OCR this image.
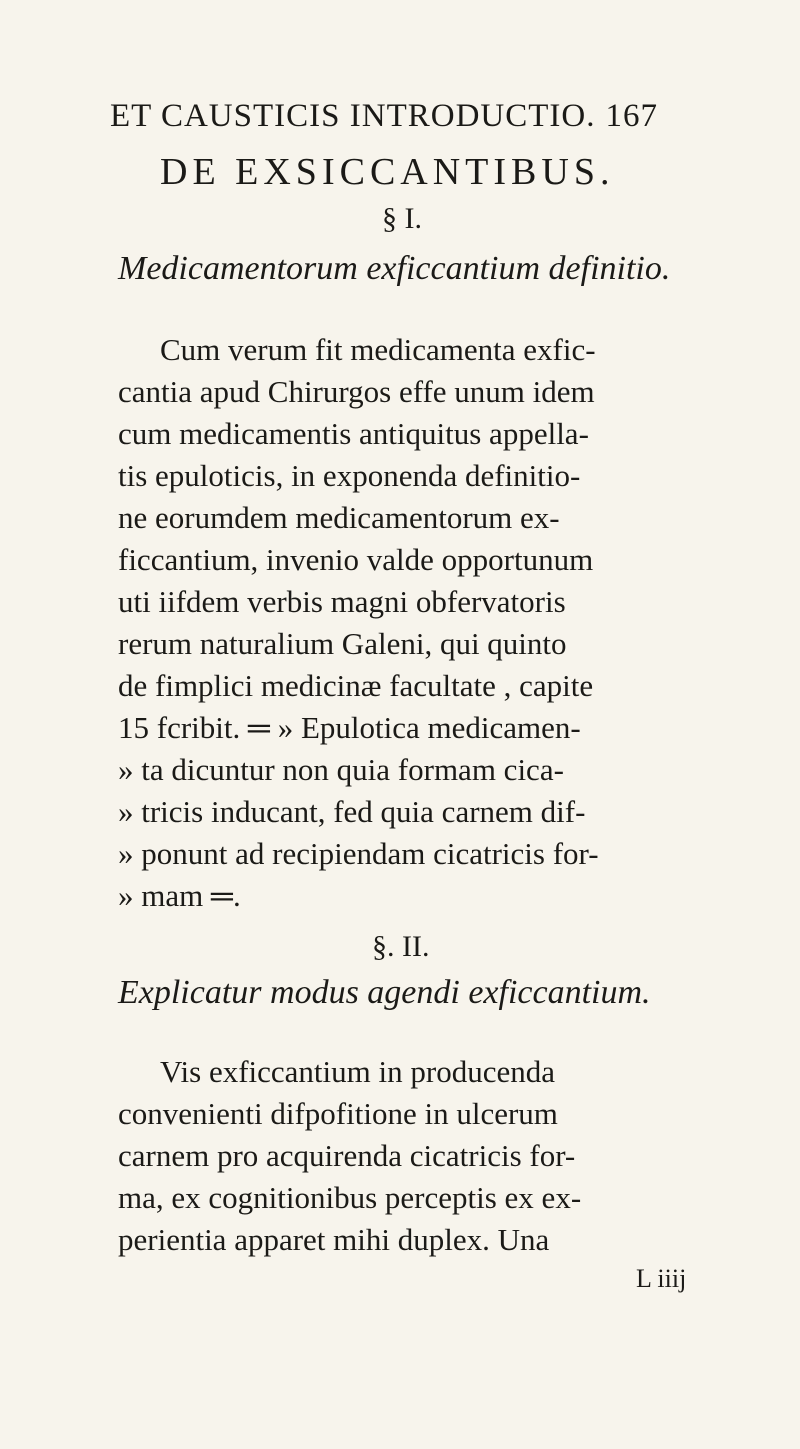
ET CAUSTICIS INTRODUCTIO. 167
DE EXSICCANTIBUS.
§ I.
Medicamentorum exficcantium definitio.
Cum verum fit medicamenta exfic-
cantia apud Chirurgos effe unum idem
cum medicamentis antiquitus appella-
tis epuloticis, in exponenda definitio-
ne eorumdem medicamentorum ex-
ficcantium, invenio valde opportunum
uti iifdem verbis magni obfervatoris
rerum naturalium Galeni, qui quinto
de fimplici medicinæ facultate , capite
15 fcribit. ═ » Epulotica medicamen-
» ta dicuntur non quia formam cica-
» tricis inducant, fed quia carnem dif-
» ponunt ad recipiendam cicatricis for-
» mam ═.
§. II.
Explicatur modus agendi exficcantium.
Vis exficcantium in producenda
convenienti difpofitione in ulcerum
carnem pro acquirenda cicatricis for-
ma, ex cognitionibus perceptis ex ex-
perientia apparet mihi duplex. Una
L iiij
